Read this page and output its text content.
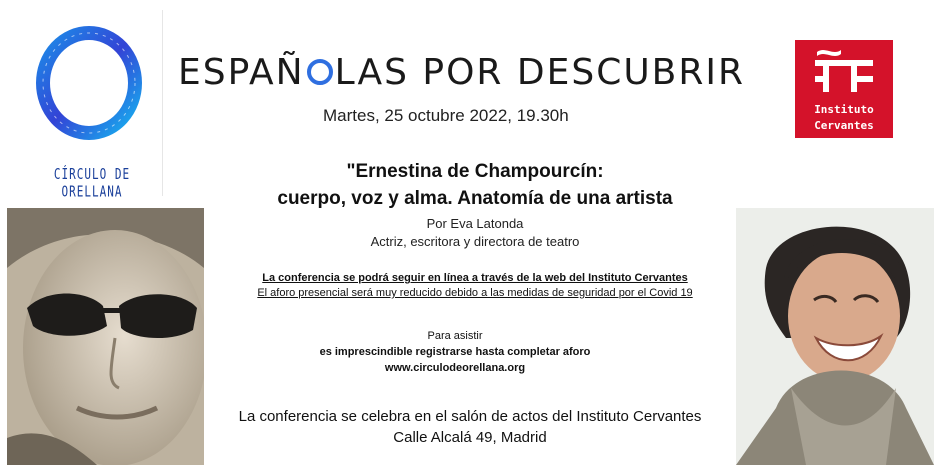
CÍRCULO DE ORELLANA
ESPAÑ LAS POR DESCUBRIR
Martes, 25 octubre 2022, 19.30h	Instituto
Cervantes
"Ernestina de Champourcín:
cuerpo, voz y alma. Anatomía de una artista
Por Eva Latonda
Actriz, escritora y directora de teatro
La conferencia se podrá seguir en línea a través de la web del Instituto Cervantes
El aforo presencial será muy reducido debido a las medidas de seguridad por el Covid 19
Para asistir
es imprescindible registrarse hasta completar aforo
www.circulodeorellana.org
La conferencia se celebra en el salón de actos del Instituto Cervantes
Calle Alcalá 49, Madrid
